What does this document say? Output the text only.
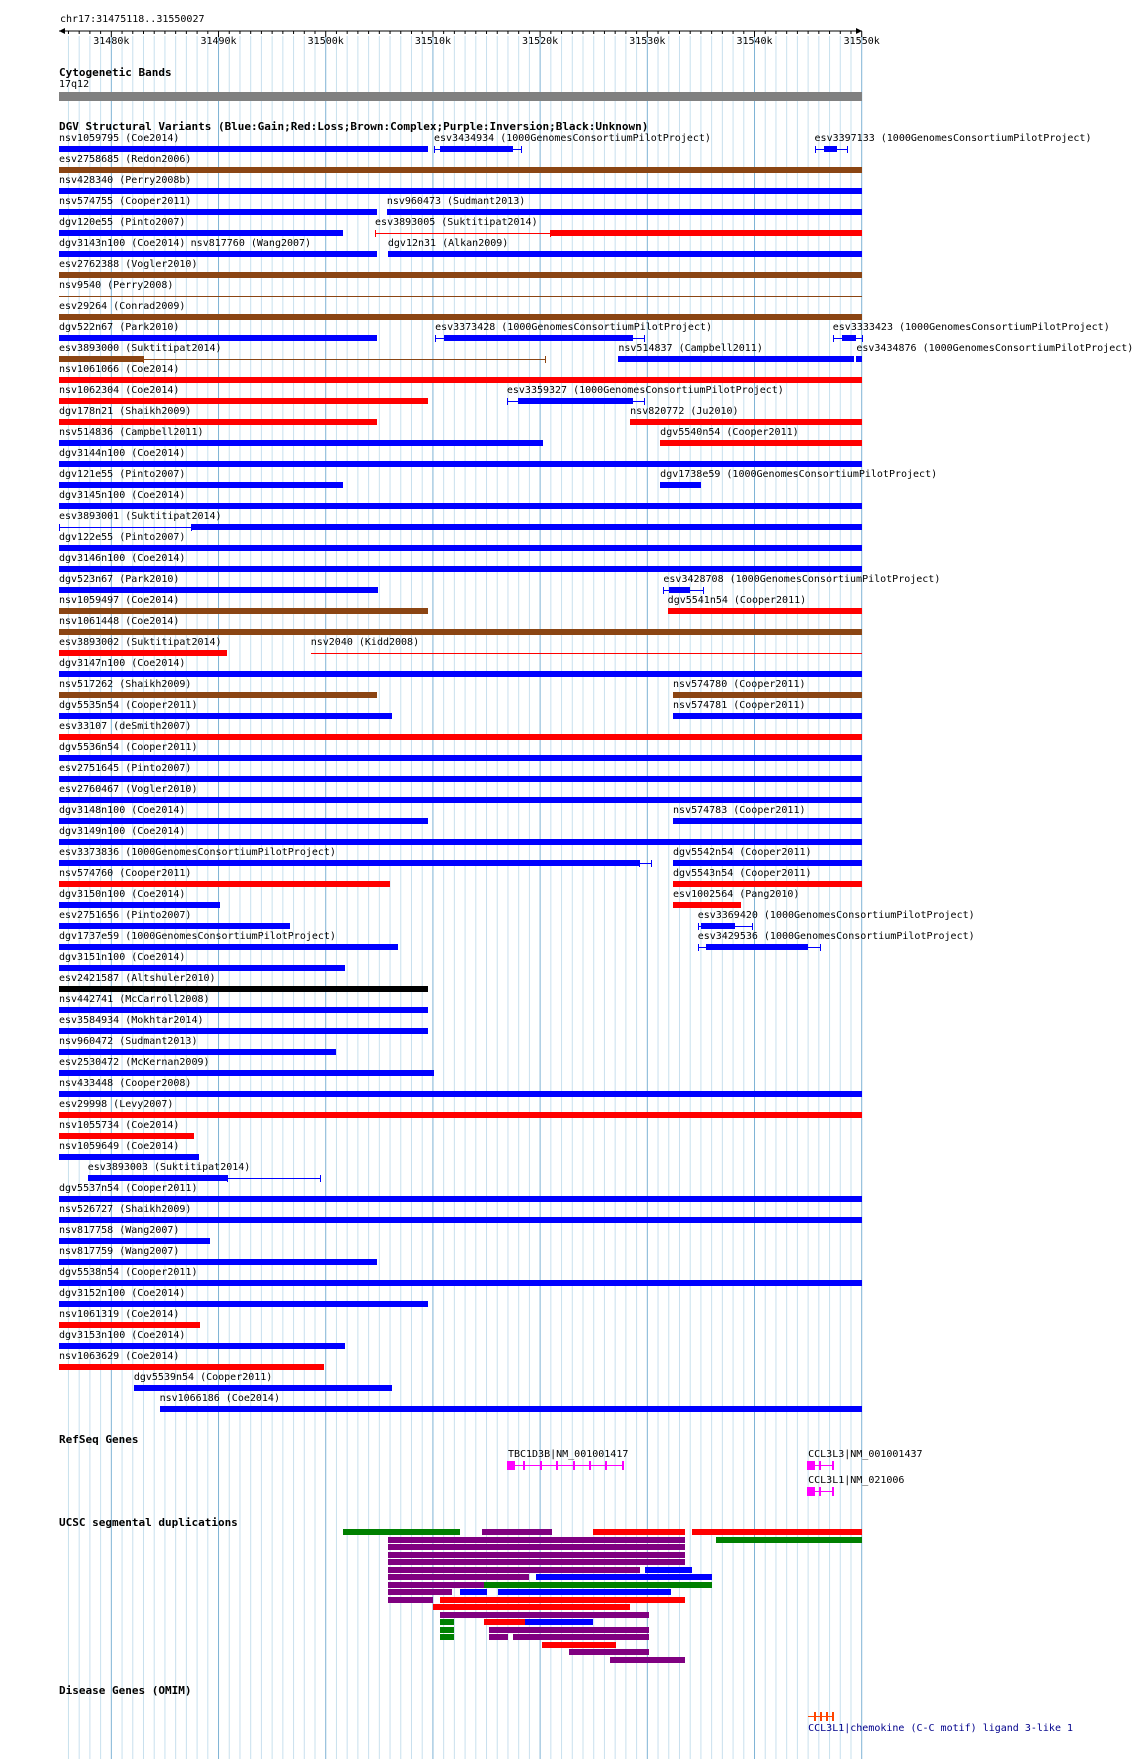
31480k	31490k	31500k	31510k	31520k	31530k	31540k	31550k
chr17:31475118..31550027
Cytogenetic Bands
17q12
DGV Structural Variants (Blue:Gain;Red:Loss;Brown:Complex;Purple:Inversion;Black:Unknown)
nsv1059795 (Coe2014)	esv3434934 (1000GenomesConsortiumPilotProject)	esv3397133 (1000GenomesConsortiumPilotProject)
esv2758685 (Redon2006)
nsv428340 (Perry2008b)
nsv574755 (Cooper2011)	nsv960473 (Sudmant2013)
dgv120e55 (Pinto2007)	esv3893005 (Suktitipat2014)
dgv3143n100 (Coe2014) nsv817760 (Wang2007)	dgv12n31 (Alkan2009)
esv2762388 (Vogler2010)
nsv9540 (Perry2008)
esv29264 (Conrad2009)
dgv522n67 (Park2010)	esv3373428 (1000GenomesConsortiumPilotProject)	esv3333423 (1000GenomesConsortiumPilotProject)
esv3893000 (Suktitipat2014)	nsv514837 (Campbell2011)	esv3434876 (1000GenomesConsortiumPilotProject)
nsv1061066 (Coe2014)
nsv1062304 (Coe2014)	esv3359327 (1000GenomesConsortiumPilotProject)
dgv178n21 (Shaikh2009)	nsv820772 (Ju2010)
nsv514836 (Campbell2011)	dgv5540n54 (Cooper2011)
dgv3144n100 (Coe2014)
dgv121e55 (Pinto2007)	dgv1738e59 (1000GenomesConsortiumPilotProject)
dgv3145n100 (Coe2014)
esv3893001 (Suktitipat2014)
dgv122e55 (Pinto2007)
dgv3146n100 (Coe2014)
dgv523n67 (Park2010)	esv3428708 (1000GenomesConsortiumPilotProject)
nsv1059497 (Coe2014)	dgv5541n54 (Cooper2011)
nsv1061448 (Coe2014)
esv3893002 (Suktitipat2014)	nsv2040 (Kidd2008)
dgv3147n100 (Coe2014)
nsv517262 (Shaikh2009)	nsv574780 (Cooper2011)
dgv5535n54 (Cooper2011)	nsv574781 (Cooper2011)
esv33107 (deSmith2007)
dgv5536n54 (Cooper2011)
esv2751645 (Pinto2007)
esv2760467 (Vogler2010)
dgv3148n100 (Coe2014)	nsv574783 (Cooper2011)
dgv3149n100 (Coe2014)
esv3373836 (1000GenomesConsortiumPilotProject)	dgv5542n54 (Cooper2011)
nsv574760 (Cooper2011)	dgv5543n54 (Cooper2011)
dgv3150n100 (Coe2014)	esv1002564 (Pang2010)
esv2751656 (Pinto2007)	esv3369420 (1000GenomesConsortiumPilotProject)
dgv1737e59 (1000GenomesConsortiumPilotProject)	esv3429536 (1000GenomesConsortiumPilotProject)
dgv3151n100 (Coe2014)
esv2421587 (Altshuler2010)
nsv442741 (McCarroll2008)
esv3584934 (Mokhtar2014)
nsv960472 (Sudmant2013)
esv2530472 (McKernan2009)
nsv433448 (Cooper2008)
esv29998 (Levy2007)
nsv1055734 (Coe2014)
nsv1059649 (Coe2014)
esv3893003 (Suktitipat2014)
dgv5537n54 (Cooper2011)
nsv526727 (Shaikh2009)
nsv817758 (Wang2007)
nsv817759 (Wang2007)
dgv5538n54 (Cooper2011)
dgv3152n100 (Coe2014)
nsv1061319 (Coe2014)
dgv3153n100 (Coe2014)
nsv1063629 (Coe2014)
dgv5539n54 (Cooper2011)
nsv1066186 (Coe2014)
RefSeq Genes
TBC1D3B|NM_001001417	CCL3L3|NM_001001437
CCL3L1|NM_021006
UCSC segmental duplications
Disease Genes (OMIM)
CCL3L1|chemokine (C-C motif) ligand 3-like 1
